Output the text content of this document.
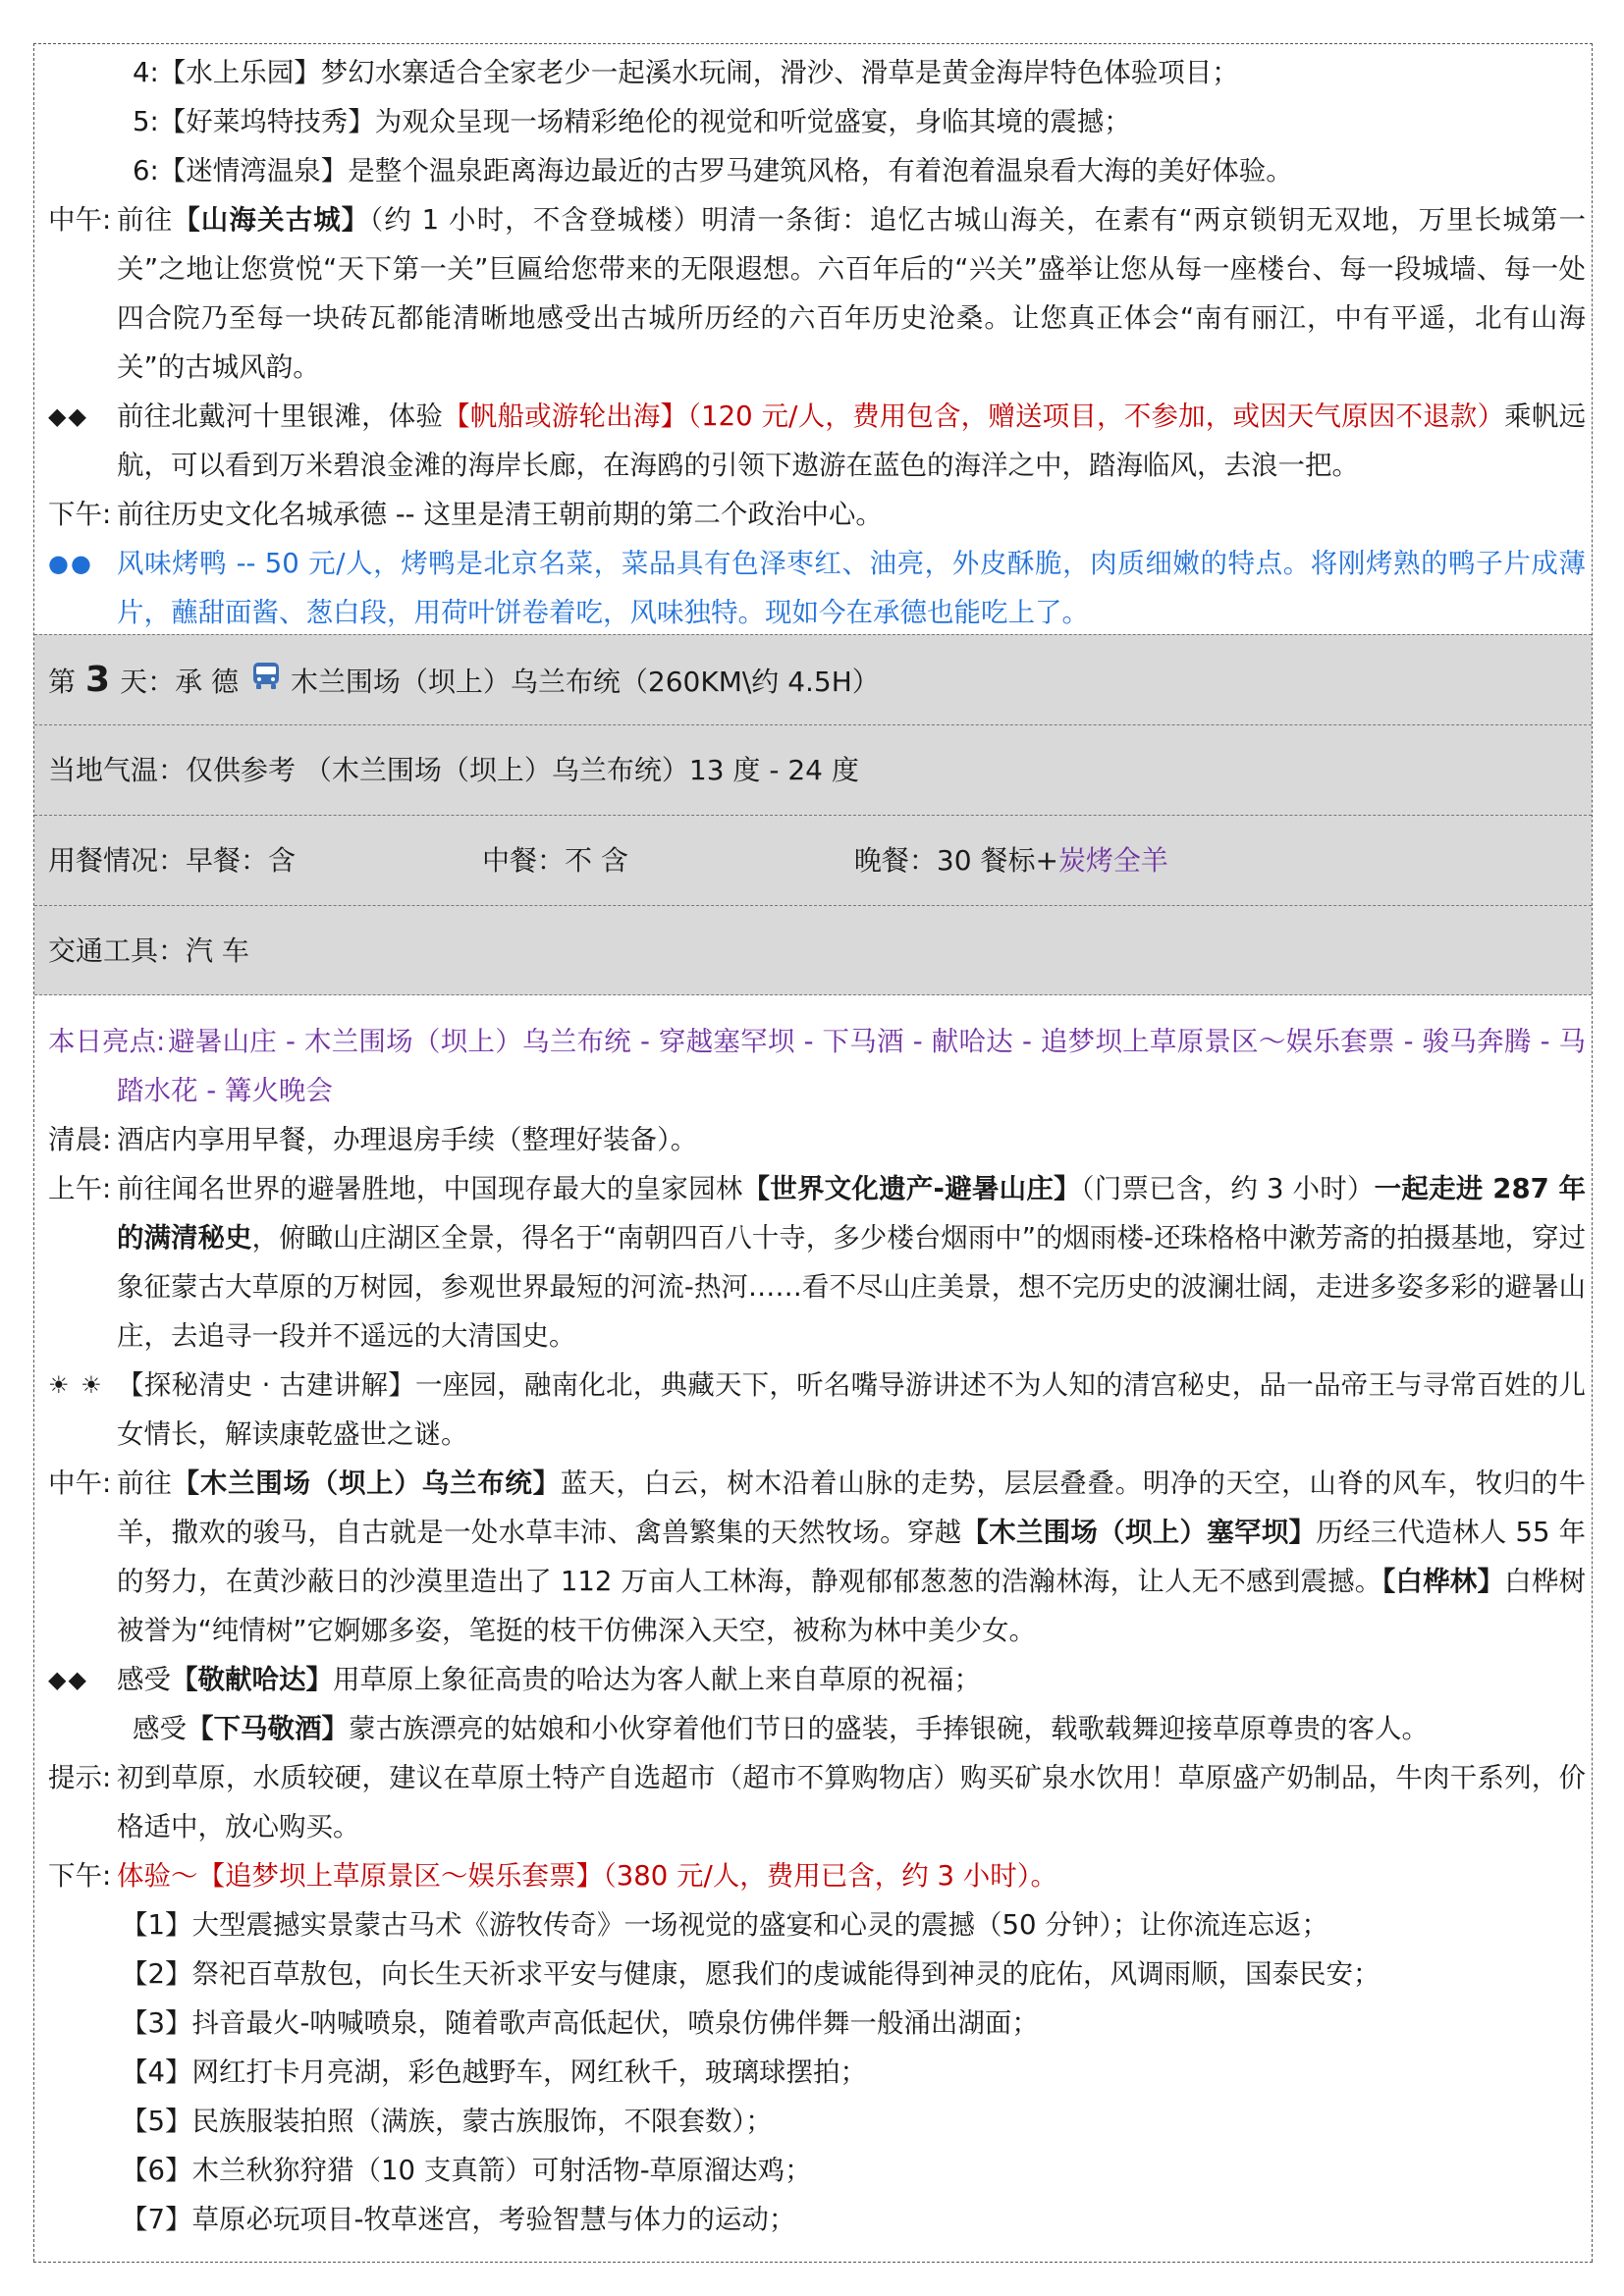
4:【水上乐园】梦幻水寨适合全家老少一起溪水玩闹，滑沙、滑草是黄金海岸特色体验项目；
5:【好莱坞特技秀】为观众呈现一场精彩绝伦的视觉和听觉盛宴，身临其境的震撼；
6:【迷情湾温泉】是整个温泉距离海边最近的古罗马建筑风格，有着泡着温泉看大海的美好体验。
中午: 前往【山海关古城】（约 1 小时，不含登城楼）明清一条街：追忆古城山海关，在素有“两京锁钥无双地，万里长城第一关”之地让您赏悦“天下第一关”巨匾给您带来的无限遐想。六百年后的“兴关”盛举让您从每一座楼台、每一段城墙、每一处四合院乃至每一块砖瓦都能清晰地感受出古城所历经的六百年历史沧桑。让您真正体会“南有丽江，中有平遥，北有山海关”的古城风韵。
◆◆	前往北戴河十里银滩，体验【帆船或游轮出海】（120 元/人，费用包含，赠送项目，不参加，或因天气原因不退款）乘帆远航，可以看到万米碧浪金滩的海岸长廊，在海鸥的引领下遨游在蓝色的海洋之中，踏海临风，去浪一把。
下午: 前往历史文化名城承德 -- 这里是清王朝前期的第二个政治中心。
●● 风味烤鸭 -- 50 元/人，烤鸭是北京名菜，菜品具有色泽枣红、油亮，外皮酥脆，肉质细嫩的特点。将刚烤熟的鸭子片成薄片，蘸甜面酱、葱白段，用荷叶饼卷着吃，风味独特。现如今在承德也能吃上了。
第 3 天：承 德 木兰围场（坝上）乌兰布统（260KM\约 4.5H）
当地气温：仅供参考 （木兰围场（坝上）乌兰布统）13 度 - 24 度
用餐情况：早餐：含	中餐：不 含	晚餐：30 餐标+炭烤全羊
交通工具：汽 车
本日亮点: 避暑山庄 - 木兰围场（坝上）乌兰布统 - 穿越塞罕坝 - 下马酒 - 献哈达 - 追梦坝上草原景区～娱乐套票 - 骏马奔腾 - 马踏水花 - 篝火晚会
清晨: 酒店内享用早餐，办理退房手续（整理好装备）。
上午: 前往闻名世界的避暑胜地，中国现存最大的皇家园林【世界文化遗产-避暑山庄】（门票已含，约 3 小时）一起走进 287 年的满清秘史，俯瞰山庄湖区全景，得名于“南朝四百八十寺，多少楼台烟雨中”的烟雨楼-还珠格格中漱芳斋的拍摄基地，穿过象征蒙古大草原的万树园，参观世界最短的河流-热河……看不尽山庄美景，想不完历史的波澜壮阔，走进多姿多彩的避暑山庄，去追寻一段并不遥远的大清国史。
☀ ☀ 【探秘清史 · 古建讲解】一座园，融南化北，典藏天下，听名嘴导游讲述不为人知的清宫秘史，品一品帝王与寻常百姓的儿女情长，解读康乾盛世之谜。
中午: 前往【木兰围场（坝上）乌兰布统】蓝天，白云，树木沿着山脉的走势，层层叠叠。明净的天空，山脊的风车，牧归的牛羊，撒欢的骏马，自古就是一处水草丰沛、禽兽繁集的天然牧场。穿越【木兰围场（坝上）塞罕坝】历经三代造林人 55 年的努力，在黄沙蔽日的沙漠里造出了 112 万亩人工林海，静观郁郁葱葱的浩瀚林海，让人无不感到震撼。【白桦林】白桦树被誉为“纯情树”它婀娜多姿，笔挺的枝干仿佛深入天空，被称为林中美少女。
◆◆	感受【敬献哈达】用草原上象征高贵的哈达为客人献上来自草原的祝福；
感受【下马敬酒】蒙古族漂亮的姑娘和小伙穿着他们节日的盛装，手捧银碗，载歌载舞迎接草原尊贵的客人。
提示: 初到草原，水质较硬，建议在草原土特产自选超市（超市不算购物店）购买矿泉水饮用！草原盛产奶制品，牛肉干系列，价格适中，放心购买。
下午: 体验～【追梦坝上草原景区～娱乐套票】（380 元/人，费用已含，约 3 小时）。
【1】大型震撼实景蒙古马术《游牧传奇》一场视觉的盛宴和心灵的震撼（50 分钟）；让你流连忘返；
【2】祭祀百草敖包，向长生天祈求平安与健康，愿我们的虔诚能得到神灵的庇佑，风调雨顺，国泰民安；
【3】抖音最火-呐喊喷泉，随着歌声高低起伏，喷泉仿佛伴舞一般涌出湖面；
【4】网红打卡月亮湖，彩色越野车，网红秋千，玻璃球摆拍；
【5】民族服装拍照（满族，蒙古族服饰，不限套数）；
【6】木兰秋狝狩猎（10 支真箭）可射活物-草原溜达鸡；
【7】草原必玩项目-牧草迷宫，考验智慧与体力的运动；
